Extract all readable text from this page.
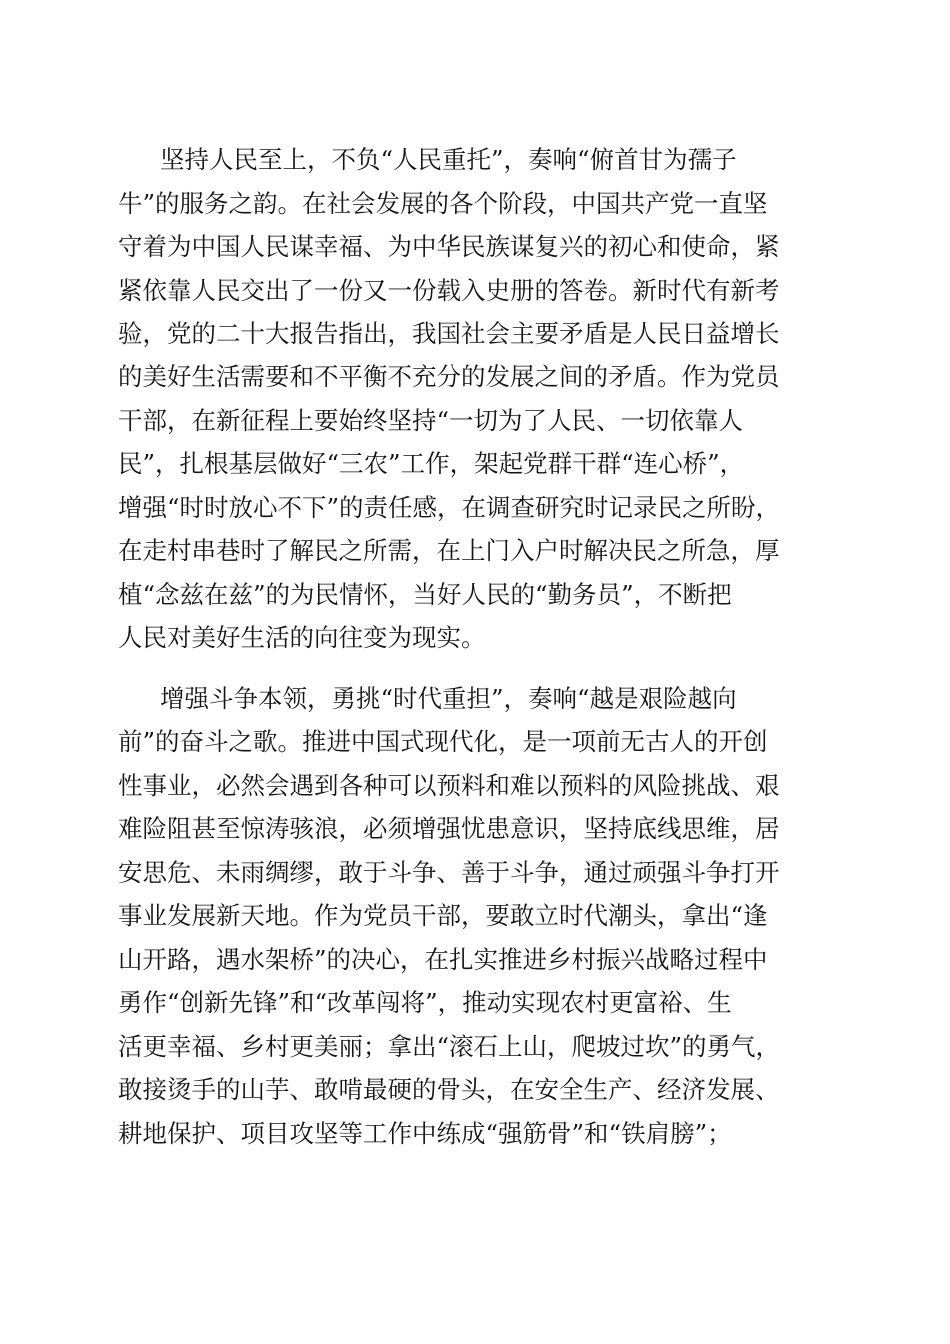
坚持人民至上，不负“人民重托”，奏响“俯首甘为孺子
牛”的服务之韵。在社会发展的各个阶段，中国共产党一直坚
守着为中国人民谋幸福、为中华民族谋复兴的初心和使命，紧
紧依靠人民交出了一份又一份载入史册的答卷。新时代有新考
验，党的二十大报告指出，我国社会主要矛盾是人民日益增长
的美好生活需要和不平衡不充分的发展之间的矛盾。作为党员
干部，在新征程上要始终坚持“一切为了人民、一切依靠人
民”，扎根基层做好“三农”工作，架起党群干群“连心桥”，
增强“时时放心不下”的责任感，在调查研究时记录民之所盼，
在走村串巷时了解民之所需，在上门入户时解决民之所急，厚
植“念兹在兹”的为民情怀，当好人民的“勤务员”，不断把
人民对美好生活的向往变为现实。
增强斗争本领，勇挑“时代重担”，奏响“越是艰险越向
前”的奋斗之歌。推进中国式现代化，是一项前无古人的开创
性事业，必然会遇到各种可以预料和难以预料的风险挑战、艰
难险阻甚至惊涛骇浪，必须增强忧患意识，坚持底线思维，居
安思危、未雨绸缪，敢于斗争、善于斗争，通过顽强斗争打开
事业发展新天地。作为党员干部，要敢立时代潮头，拿出“逢
山开路，遇水架桥”的决心，在扎实推进乡村振兴战略过程中
勇作“创新先锋”和“改革闯将”，推动实现农村更富裕、生
活更幸福、乡村更美丽；拿出“滚石上山，爬坡过坎”的勇气，
敢接烫手的山芋、敢啃最硬的骨头，在安全生产、经济发展、
耕地保护、项目攻坚等工作中练成“强筋骨”和“铁肩膀”；
